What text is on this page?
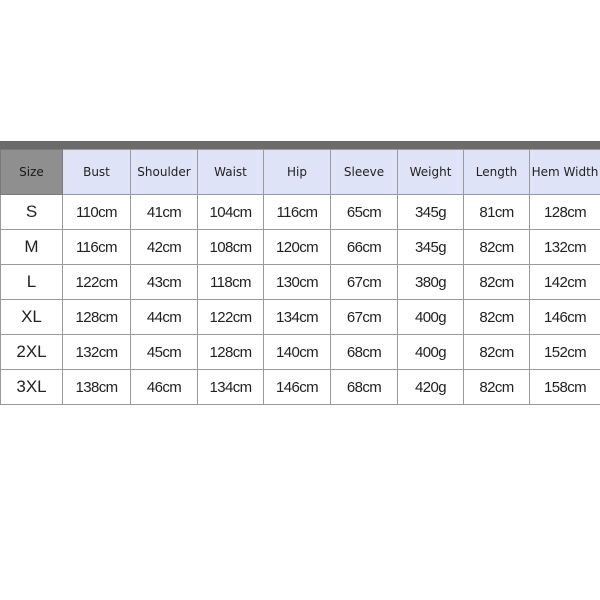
Size	Bust	Shoulder	Waist	Hip	Sleeve	Weight	Length	Hem Width
S	110cm	41cm	104cm	116cm	65cm	345g	81cm	128cm
M	116cm	42cm	108cm	120cm	66cm	345g	82cm	132cm
L	122cm	43cm	118cm	130cm	67cm	380g	82cm	142cm
XL	128cm	44cm	122cm	134cm	67cm	400g	82cm	146cm
2XL	132cm	45cm	128cm	140cm	68cm	400g	82cm	152cm
3XL	138cm	46cm	134cm	146cm	68cm	420g	82cm	158cm
